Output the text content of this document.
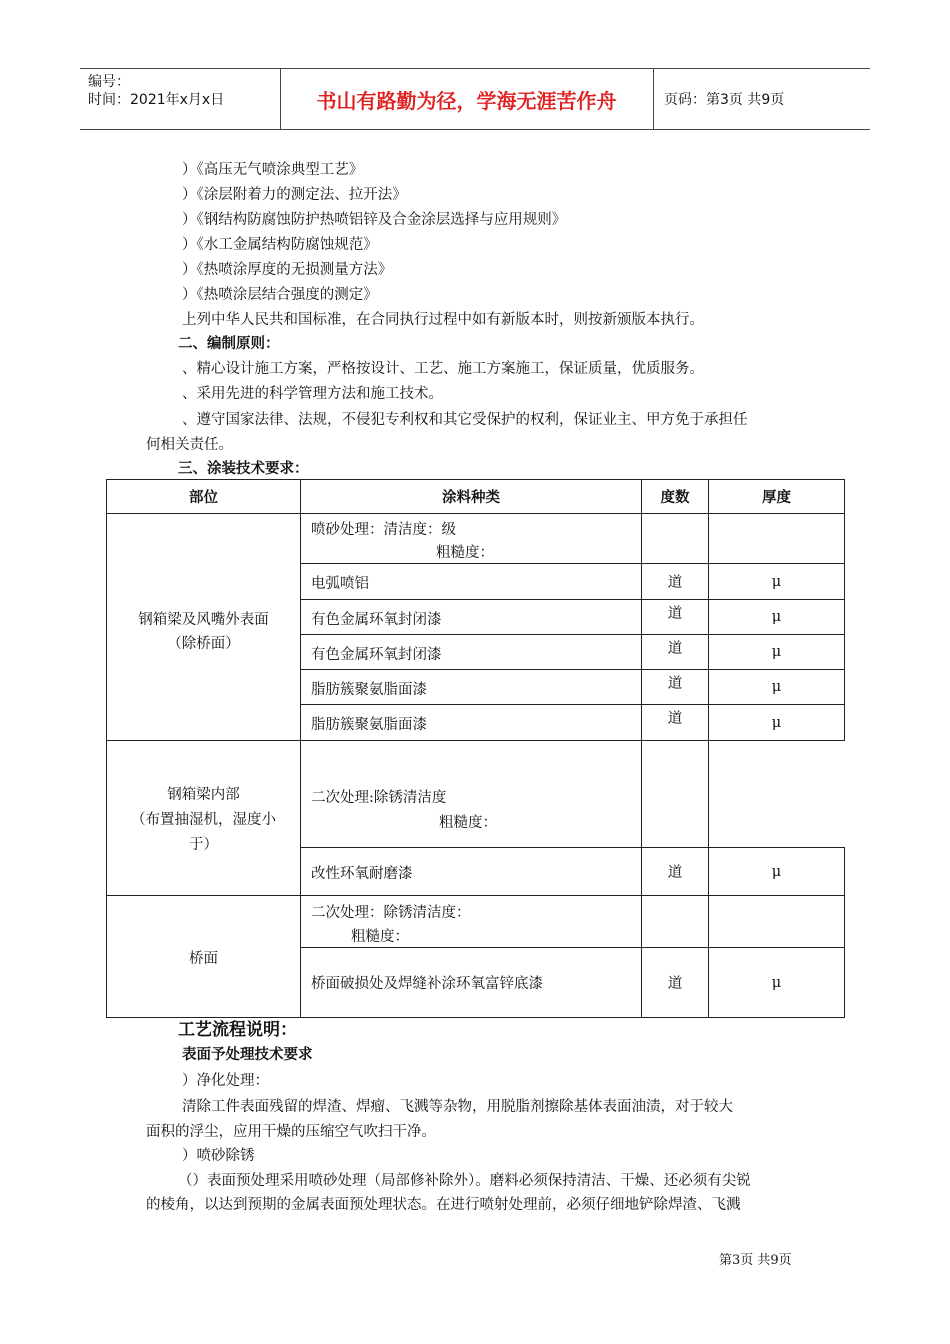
编号：
时间：2021年x月x日	书山有路勤为径，学海无涯苦作舟	页码：第3页 共9页
）《高压无气喷涂典型工艺》
）《涂层附着力的测定法、拉开法》
）《钢结构防腐蚀防护热喷铝锌及合金涂层选择与应用规则》
）《水工金属结构防腐蚀规范》
）《热喷涂厚度的无损测量方法》
）《热喷涂层结合强度的测定》
上列中华人民共和国标准，在合同执行过程中如有新版本时，则按新颁版本执行。
二、编制原则：
、精心设计施工方案，严格按设计、工艺、施工方案施工，保证质量，优质服务。
、采用先进的科学管理方法和施工技术。
、遵守国家法律、法规，不侵犯专利权和其它受保护的权利，保证业主、甲方免于承担任
何相关责任。
三、涂装技术要求：
部位	涂料种类	度数	厚度
钢箱梁及风嘴外表面
（除桥面）
喷砂处理：清洁度：级
粗糙度：
电弧喷铝	道	μ
有色金属环氧封闭漆	道	μ
有色金属环氧封闭漆	道	μ
脂肪簇聚氨脂面漆	道	μ
脂肪簇聚氨脂面漆	道	μ
钢箱梁内部
（布置抽湿机，湿度小
于）
二次处理:除锈清洁度
粗糙度：
改性环氧耐磨漆	道	μ
桥面
二次处理：除锈清洁度：
粗糙度：
桥面破损处及焊缝补涂环氧富锌底漆	道	μ
工艺流程说明：
表面予处理技术要求
）净化处理：
清除工件表面残留的焊渣、焊瘤、飞溅等杂物，用脱脂剂擦除基体表面油渍，对于较大
面积的浮尘，应用干燥的压缩空气吹扫干净。
）喷砂除锈
（）表面预处理采用喷砂处理（局部修补除外）。磨料必须保持清洁、干燥、还必须有尖锐
的棱角，以达到预期的金属表面预处理状态。在进行喷射处理前，必须仔细地铲除焊渣、飞溅
第3页 共9页
